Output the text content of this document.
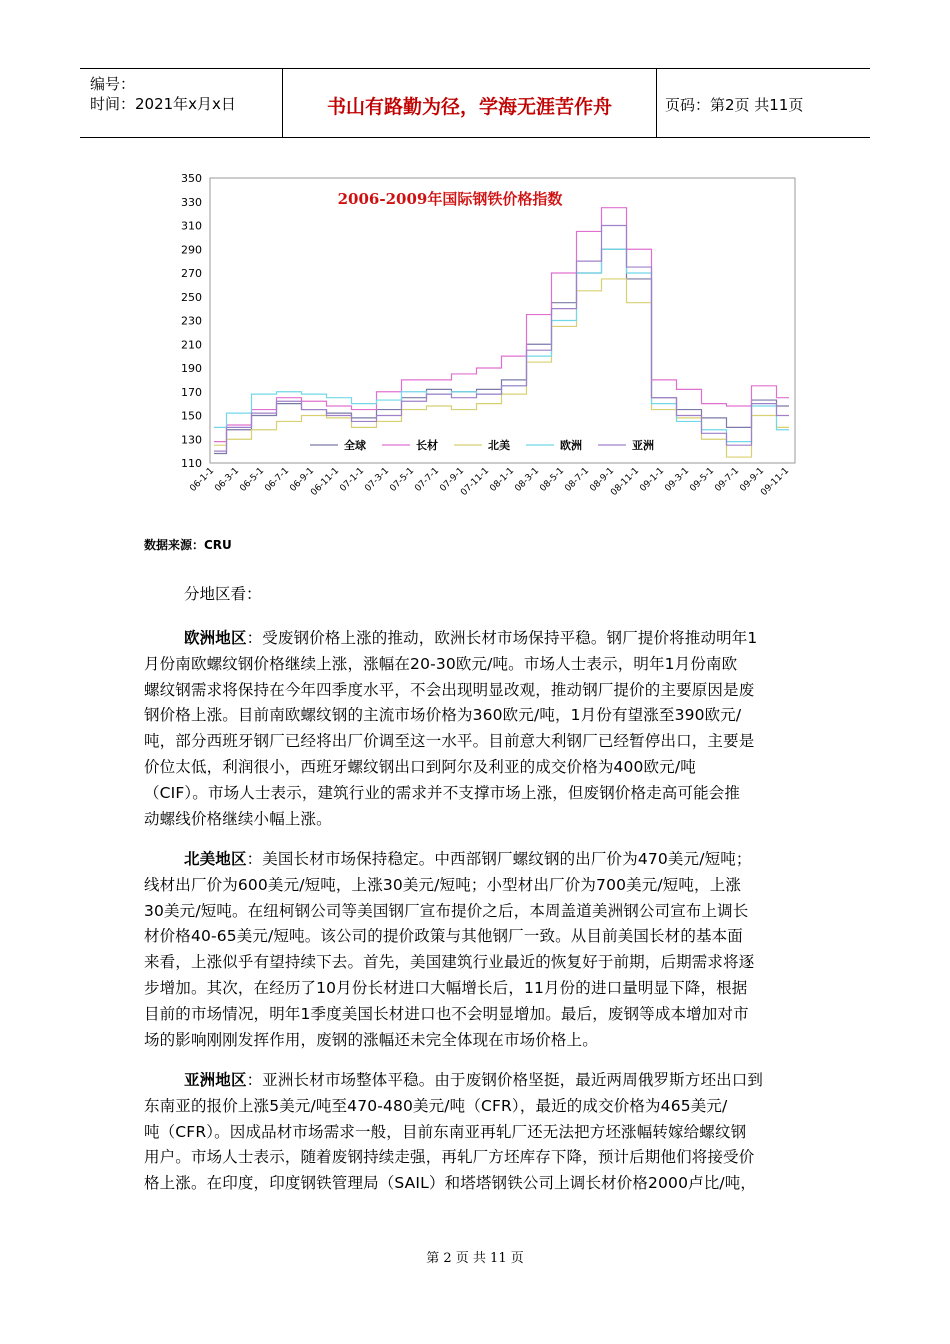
编号：
时间：2021年x月x日	书山有路勤为径，学海无涯苦作舟	页码：第2页 共11页
110
130
150
170
190
210
230
250
270
290
310
330
350
06-1-1
06-3-1
06-5-1
06-7-1
06-9-1
06-11-1
07-1-1
07-3-1
07-5-1
07-7-1
07-9-1
07-11-1
08-1-1
08-3-1
08-5-1
08-7-1
08-9-1
08-11-1
09-1-1
09-3-1
09-5-1
09-7-1
09-9-1
09-11-1
2006-2009年国际钢铁价格指数
全球	长材	北美	欧洲	亚洲
数据来源：CRU
分地区看：
欧洲地区：受废钢价格上涨的推动，欧洲长材市场保持平稳。钢厂提价将推动明年1
月份南欧螺纹钢价格继续上涨，涨幅在20-30欧元/吨。市场人士表示，明年1月份南欧
螺纹钢需求将保持在今年四季度水平，不会出现明显改观，推动钢厂提价的主要原因是废
钢价格上涨。目前南欧螺纹钢的主流市场价格为360欧元/吨，1月份有望涨至390欧元/
吨，部分西班牙钢厂已经将出厂价调至这一水平。目前意大利钢厂已经暂停出口，主要是
价位太低，利润很小，西班牙螺纹钢出口到阿尔及利亚的成交价格为400欧元/吨
（CIF）。市场人士表示，建筑行业的需求并不支撑市场上涨，但废钢价格走高可能会推
动螺线价格继续小幅上涨。
北美地区：美国长材市场保持稳定。中西部钢厂螺纹钢的出厂价为470美元/短吨；
线材出厂价为600美元/短吨，上涨30美元/短吨；小型材出厂价为700美元/短吨，上涨
30美元/短吨。在纽柯钢公司等美国钢厂宣布提价之后，本周盖道美洲钢公司宣布上调长
材价格40-65美元/短吨。该公司的提价政策与其他钢厂一致。从目前美国长材的基本面
来看，上涨似乎有望持续下去。首先，美国建筑行业最近的恢复好于前期，后期需求将逐
步增加。其次，在经历了10月份长材进口大幅增长后，11月份的进口量明显下降，根据
目前的市场情况，明年1季度美国长材进口也不会明显增加。最后，废钢等成本增加对市
场的影响刚刚发挥作用，废钢的涨幅还未完全体现在市场价格上。
亚洲地区：亚洲长材市场整体平稳。由于废钢价格坚挺，最近两周俄罗斯方坯出口到
东南亚的报价上涨5美元/吨至470-480美元/吨（CFR），最近的成交价格为465美元/
吨（CFR）。因成品材市场需求一般，目前东南亚再轧厂还无法把方坯涨幅转嫁给螺纹钢
用户。市场人士表示，随着废钢持续走强，再轧厂方坯库存下降，预计后期他们将接受价
格上涨。在印度，印度钢铁管理局（SAIL）和塔塔钢铁公司上调长材价格2000卢比/吨，
第 2 页 共 11 页
